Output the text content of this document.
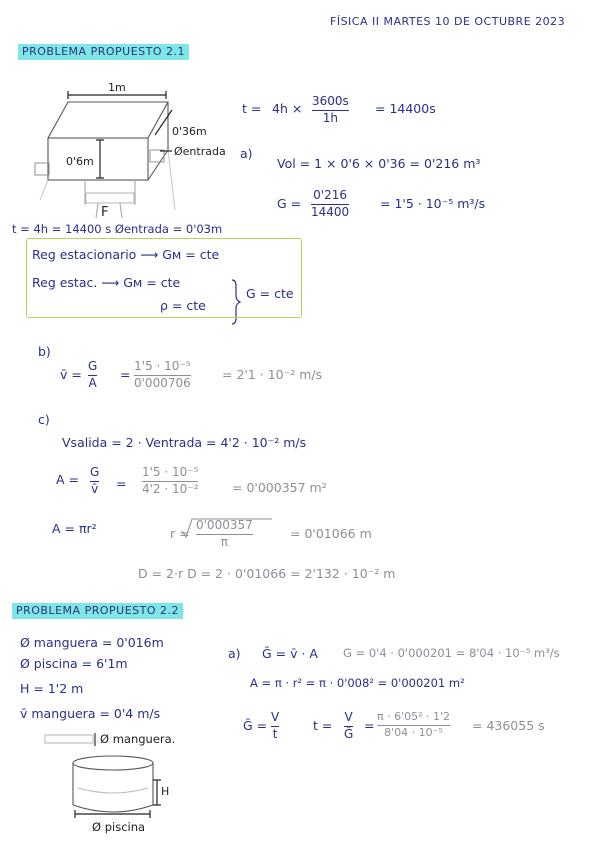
FÍSICA II MARTES 10 DE OCTUBRE 2023
PROBLEMA PROPUESTO 2.1
1m
0'36m
0'6m
Øentrada
F
t = 4h × 3600s
1h
= 14400s
a)
Vol = 1 × 0'6 × 0'36 = 0'216 m³
G =
0'216
14400
= 1'5 · 10⁻⁵ m³/s
t = 4h = 14400 s Øentrada = 0'03m
Reg estacionario ⟶ Gм = cte
Reg estac. ⟶ Gм = cte
ρ = cte
G = cte
b)
v̄ =
G
A
=
1'5 · 10⁻⁵
0'000706
= 2'1 · 10⁻² m/s
c)
Vsalida = 2 · Ventrada = 4'2 · 10⁻² m/s
A = G
v̄ =
1'5 · 10⁻⁵
4'2 · 10⁻²	= 0'000357 m²
A = πr²	r =
0'000357
π
= 0'01066 m
D = 2·r D = 2 · 0'01066 = 2'132 · 10⁻² m
PROBLEMA PROPUESTO 2.2
Ø manguera = 0'016m
Ø piscina = 6'1m
H = 1'2 m
v̄ manguera = 0'4 m/s
Ø manguera.
H
Ø piscina
a) Ḡ = v̄ · A G = 0'4 · 0'000201 = 8'04 · 10⁻⁵ m³/s
A = π · r² = π · 0'008² = 0'000201 m²
Ḡ =
V
t
t =
V
Ḡ
=
π · 6'05² · 1'2
8'04 · 10⁻⁵ = 436055 s
